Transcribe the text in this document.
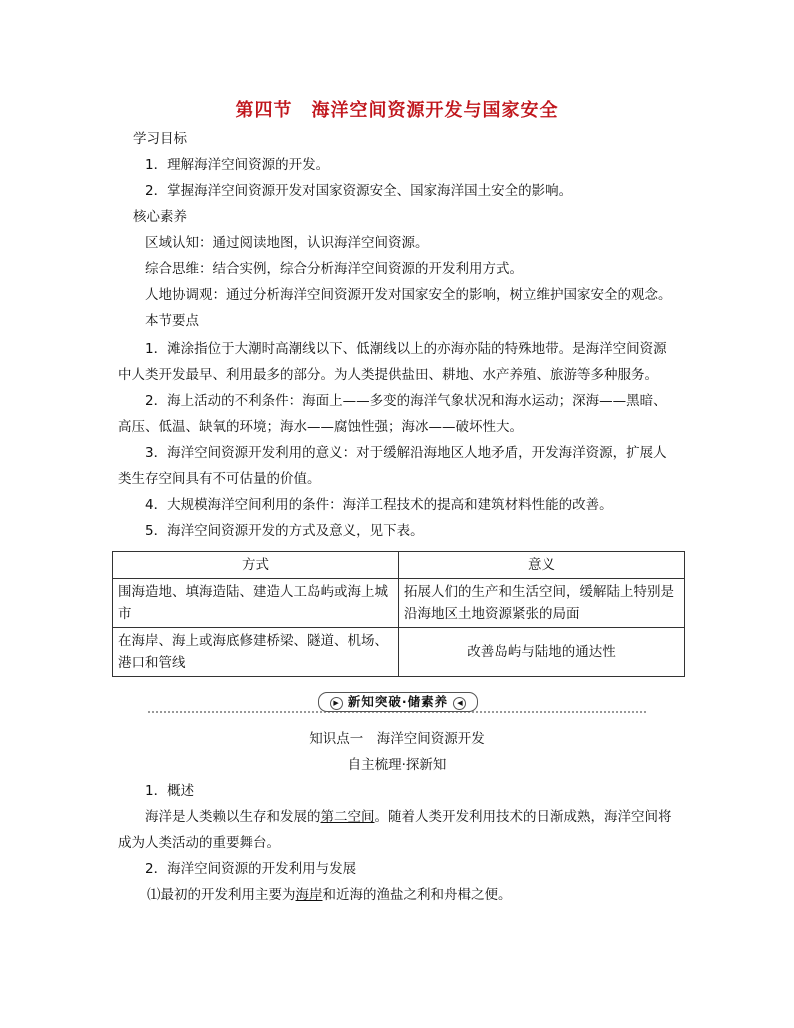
第四节　海洋空间资源开发与国家安全
学习目标
1．理解海洋空间资源的开发。
2．掌握海洋空间资源开发对国家资源安全、国家海洋国土安全的影响。
核心素养
区域认知：通过阅读地图，认识海洋空间资源。
综合思维：结合实例，综合分析海洋空间资源的开发利用方式。
人地协调观：通过分析海洋空间资源开发对国家安全的影响，树立维护国家安全的观念。
本节要点
1．滩涂指位于大潮时高潮线以下、低潮线以上的亦海亦陆的特殊地带。是海洋空间资源中人类开发最早、利用最多的部分。为人类提供盐田、耕地、水产养殖、旅游等多种服务。
2．海上活动的不利条件：海面上——多变的海洋气象状况和海水运动；深海——黑暗、高压、低温、缺氧的环境；海水——腐蚀性强；海冰——破坏性大。
3．海洋空间资源开发利用的意义：对于缓解沿海地区人地矛盾，开发海洋资源，扩展人类生存空间具有不可估量的价值。
4．大规模海洋空间利用的条件：海洋工程技术的提高和建筑材料性能的改善。
5．海洋空间资源开发的方式及意义，见下表。
方式	意义
围海造地、填海造陆、建造人工岛屿或海上城市	拓展人们的生产和生活空间，缓解陆上特别是沿海地区土地资源紧张的局面
在海岸、海上或海底修建桥梁、隧道、机场、港口和管线	改善岛屿与陆地的通达性
▶ 新知突破·储素养 ◀
知识点一　海洋空间资源开发
自主梳理·探新知
1．概述
海洋是人类赖以生存和发展的第二空间。随着人类开发利用技术的日渐成熟，海洋空间将成为人类活动的重要舞台。
2．海洋空间资源的开发利用与发展
⑴最初的开发利用主要为海岸和近海的渔盐之利和舟楫之便。
